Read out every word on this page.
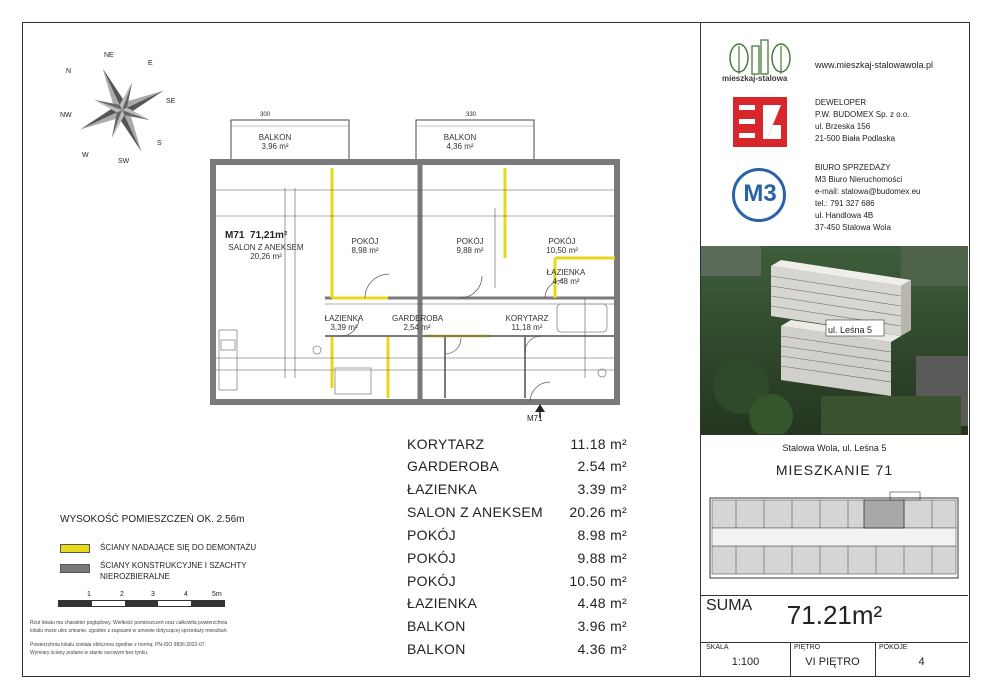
N
NE
E
SE
S
SW
W
NW	300	330
BALKON
3,96 m²
BALKON
4,36 m²
M71 71,21m²
SALON Z ANEKSEM
20,26 m²
POKÓJ
8,98 m²
POKÓJ
9,88 m²
POKÓJ
10,50 m²
ŁAZIENKA
4,48 m²
ŁAZIENKA
3,39 m²
GARDEROBA
2,54 m²
KORYTARZ
11,18 m²
M71
KORYTARZ	11.18 m²
GARDEROBA	2.54 m²
ŁAZIENKA	3.39 m²
SALON Z ANEKSEM 20.26 m²
POKÓJ	8.98 m²
POKÓJ	9.88 m²
POKÓJ	10.50 m²
ŁAZIENKA	4.48 m²
BALKON	3.96 m²
BALKON	4.36 m²
WYSOKOŚĆ POMIESZCZEŃ OK. 2.56m
ŚCIANY NADAJĄCE SIĘ DO DEMONTAŻU
ŚCIANY KONSTRUKCYJNE I SZACHTY
NIEROZBIERALNE
1	2	3	4	5m
Rzut lokalu ma charakter poglądowy. Wielkość pomieszczeń oraz całkowita powierzchnia
lokalu może ulec zmianie, zgodnie z zapisami w umowie dotyczącej sprzedaży mieszkań.
Powierzchnia lokalu została obliczona zgodnie z normą: PN-ISO 9836:2022-07.
Wymiary ściany podane w stanie surowym bez tynku.
mieszkaj-stalowa
www.mieszkaj-stalowawola.pl
DEWELOPER
P.W. BUDOMEX Sp. z o.o.
ul. Brzeska 156
21-500 Biała Podlaska
M3
BIURO SPRZEDAŻY
M3 Biuro Nieruchomości
e-mail: stalowa@budomex.eu
tel.: 791 327 686
ul. Handlowa 4B
37-450 Stalowa Wola
ul. Leśna 5
Stalowa Wola, ul. Leśna 5
MIESZKANIE 71
SUMA	71.21m²
SKALA
1:100
PIĘTRO
VI PIĘTRO
POKOJE
4
